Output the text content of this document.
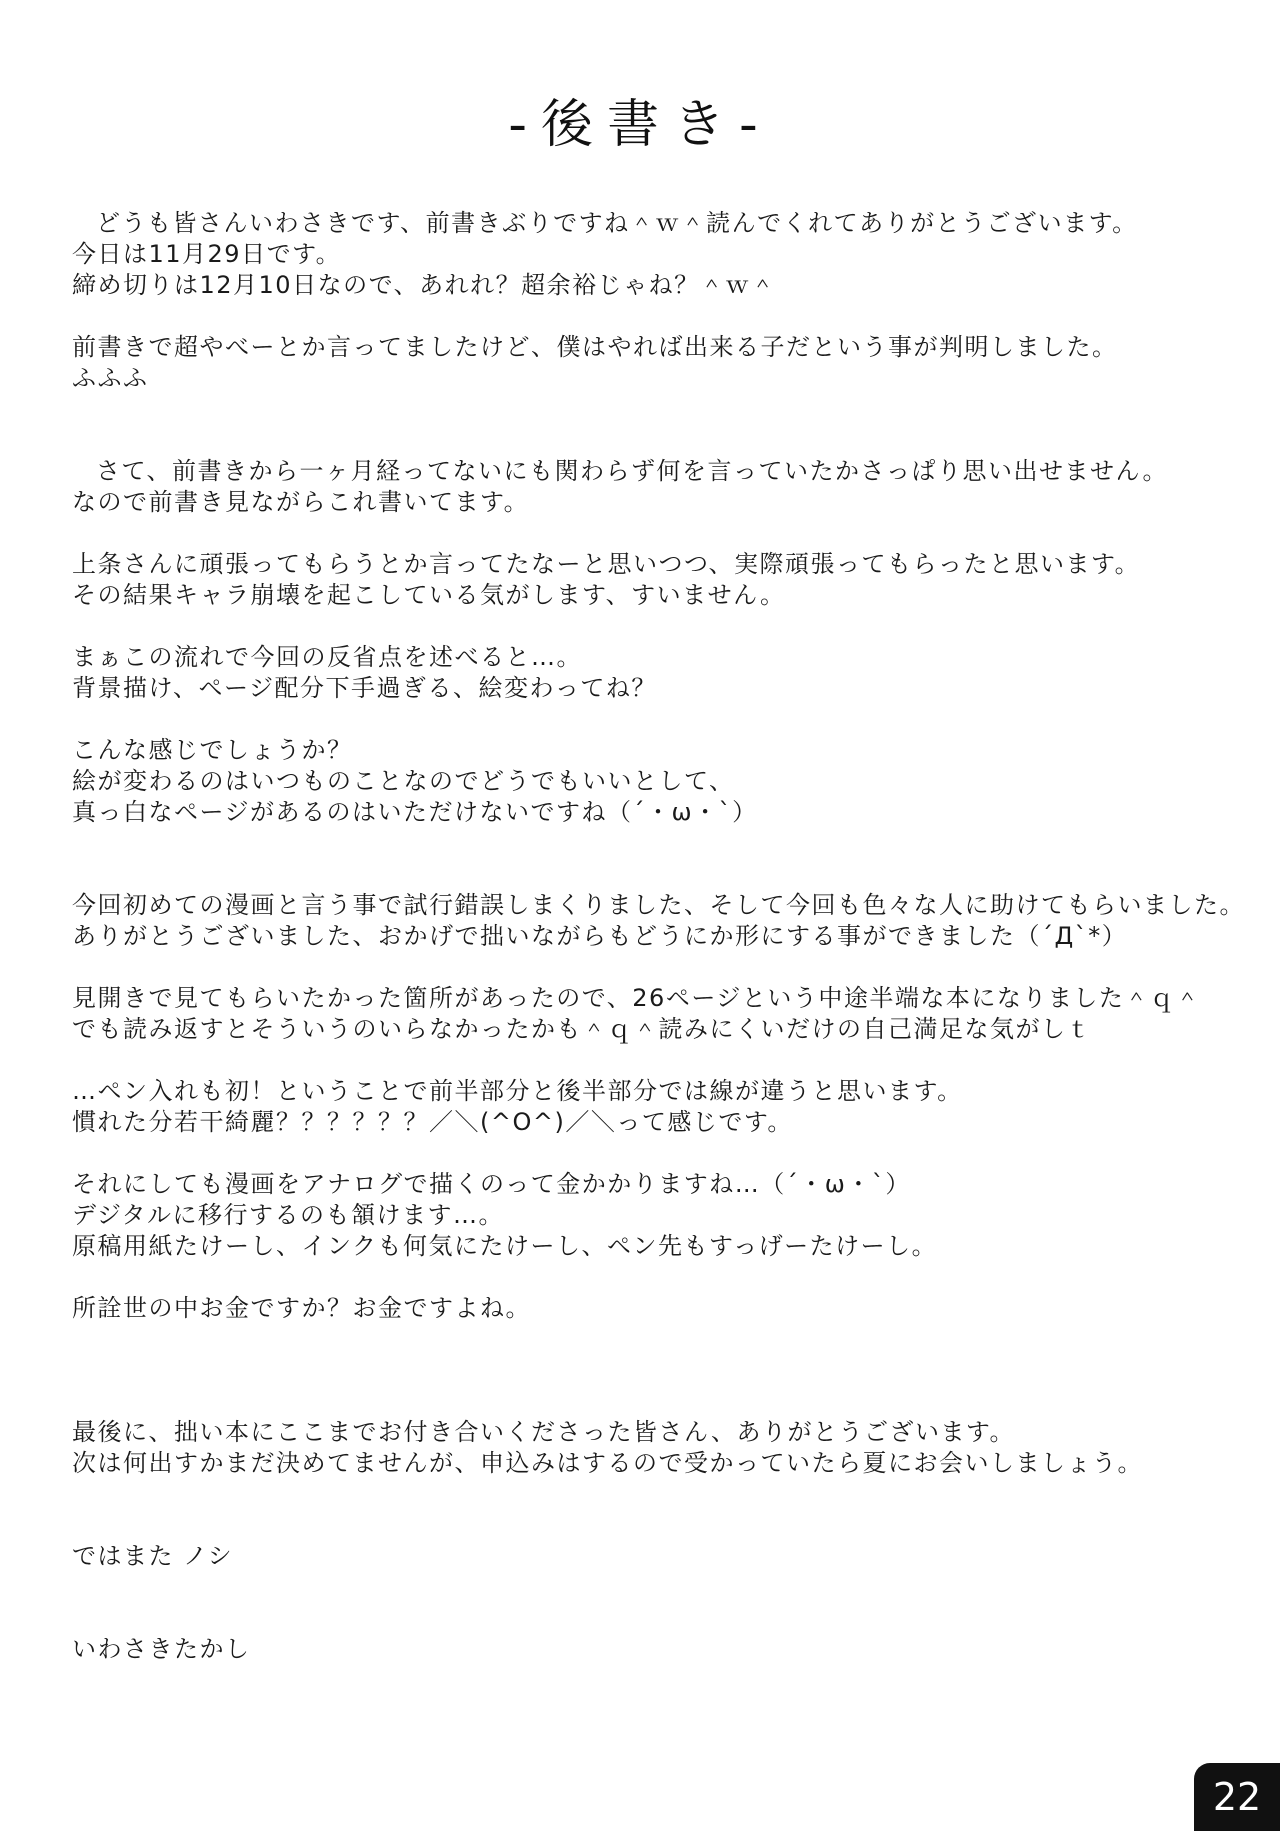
-後書き-
どうも皆さんいわさきです、前書きぶりですね＾ｗ＾読んでくれてありがとうございます。
今日は11月29日です。
締め切りは12月10日なので、あれれ？超余裕じゃね？＾ｗ＾
前書きで超やべーとか言ってましたけど、僕はやれば出来る子だという事が判明しました。
ふふふ
さて、前書きから一ヶ月経ってないにも関わらず何を言っていたかさっぱり思い出せません。
なので前書き見ながらこれ書いてます。
上条さんに頑張ってもらうとか言ってたなーと思いつつ、実際頑張ってもらったと思います。
その結果キャラ崩壊を起こしている気がします、すいません。
まぁこの流れで今回の反省点を述べると…。
背景描け、ページ配分下手過ぎる、絵変わってね？
こんな感じでしょうか？
絵が変わるのはいつものことなのでどうでもいいとして、
真っ白なページがあるのはいただけないですね（´・ω・`）
今回初めての漫画と言う事で試行錯誤しまくりました、そして今回も色々な人に助けてもらいました。
ありがとうございました、おかげで拙いながらもどうにか形にする事ができました（´Д`*）
見開きで見てもらいたかった箇所があったので、26ページという中途半端な本になりました＾ｑ＾
でも読み返すとそういうのいらなかったかも＾ｑ＾読みにくいだけの自己満足な気がしｔ
…ペン入れも初！ということで前半部分と後半部分では線が違うと思います。
慣れた分若干綺麗？？？？？？／＼(^O^)／＼って感じです。
それにしても漫画をアナログで描くのって金かかりますね…（´・ω・`）
デジタルに移行するのも頷けます…。
原稿用紙たけーし、インクも何気にたけーし、ペン先もすっげーたけーし。
所詮世の中お金ですか？お金ですよね。
最後に、拙い本にここまでお付き合いくださった皆さん、ありがとうございます。
次は何出すかまだ決めてませんが、申込みはするので受かっていたら夏にお会いしましょう。
ではまた ノシ
いわさきたかし
22
